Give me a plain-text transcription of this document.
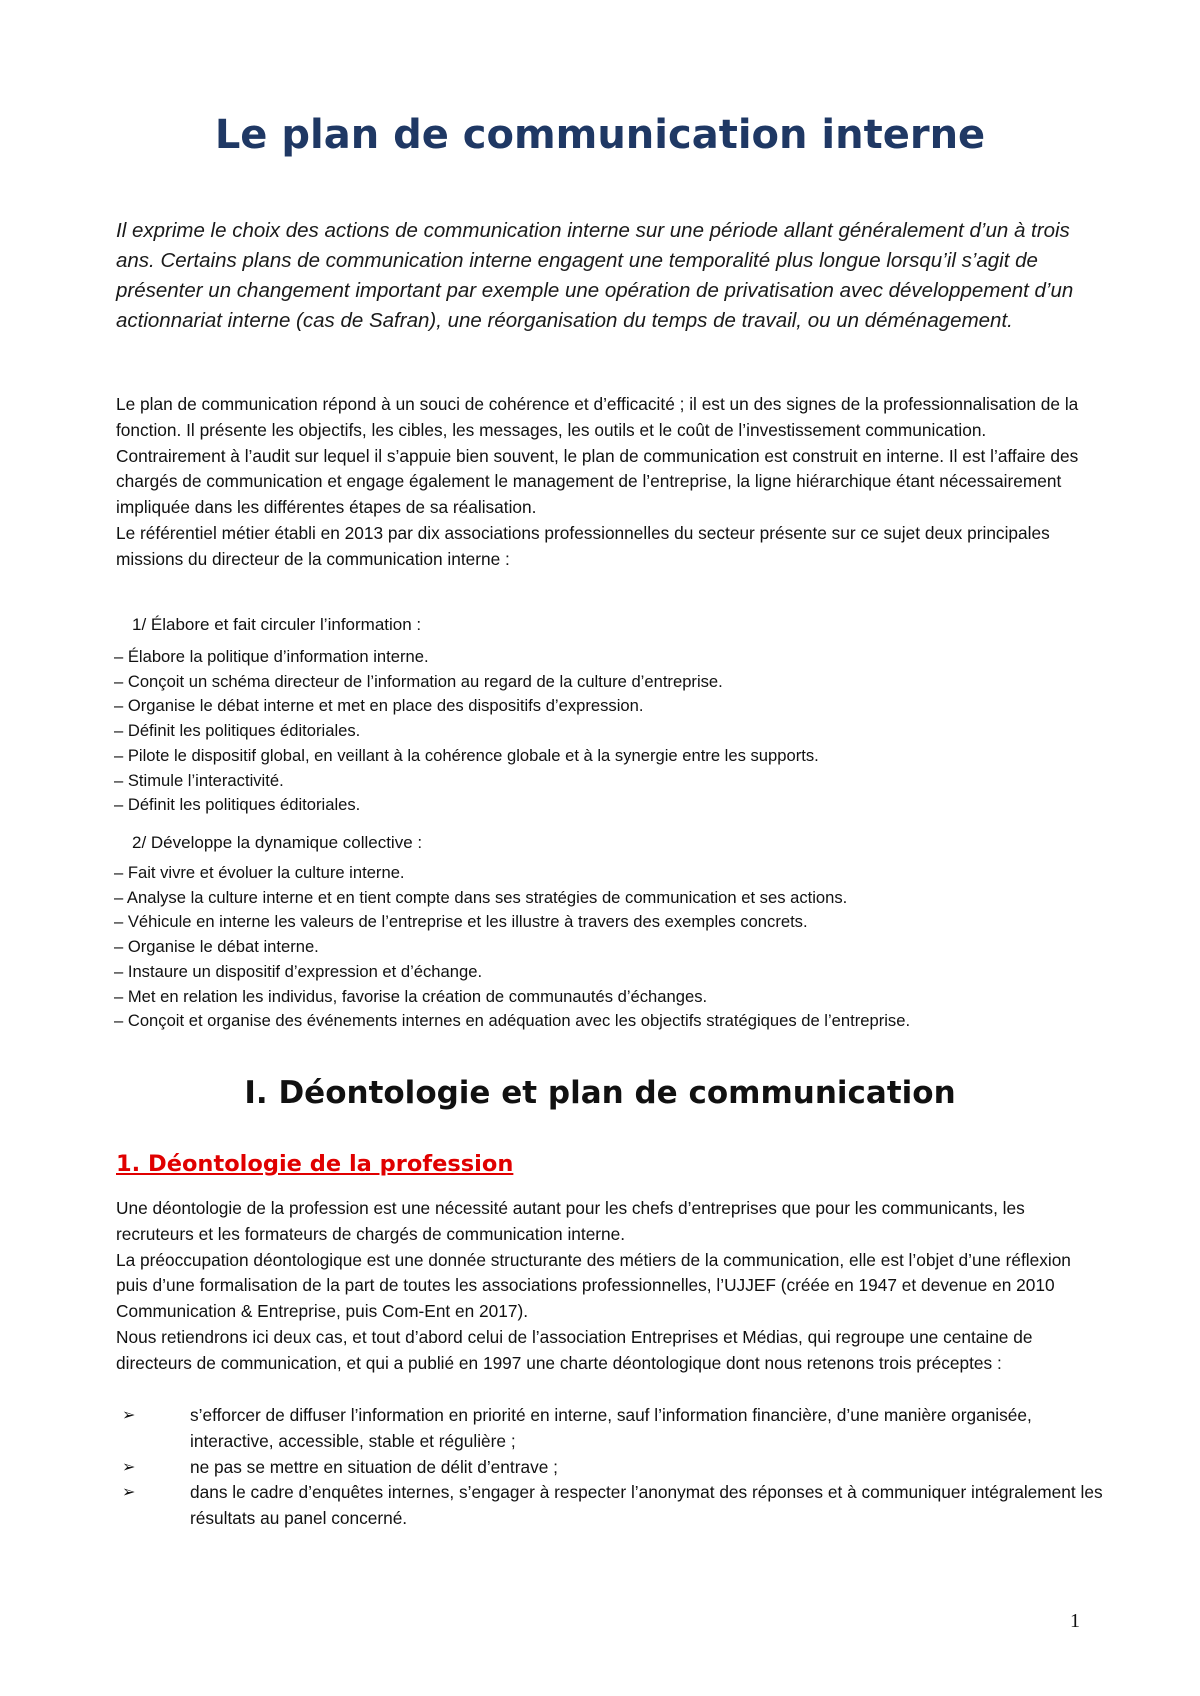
Le plan de communication interne

Il exprime le choix des actions de communication interne sur une période allant généralement d’un à trois ans. Certains plans de communication interne engagent une temporalité plus longue lorsqu’il s’agit de présenter un changement important par exemple une opération de privatisation avec développement d’un actionnariat interne (cas de Safran), une réorganisation du temps de travail, ou un déménagement.

Le plan de communication répond à un souci de cohérence et d’efficacité ; il est un des signes de la professionnalisation de la fonction. Il présente les objectifs, les cibles, les messages, les outils et le coût de l’investissement communication.

Contrairement à l’audit sur lequel il s’appuie bien souvent, le plan de communication est construit en interne. Il est l’affaire des chargés de communication et engage également le management de l’entreprise, la ligne hiérarchique étant nécessairement impliquée dans les différentes étapes de sa réalisation.

Le référentiel métier établi en 2013 par dix associations professionnelles du secteur présente sur ce sujet deux principales missions du directeur de la communication interne :

1/ Élabore et fait circuler l’information :

– Élabore la politique d’information interne.
– Conçoit un schéma directeur de l’information au regard de la culture d’entreprise.
– Organise le débat interne et met en place des dispositifs d’expression.
– Définit les politiques éditoriales.
– Pilote le dispositif global, en veillant à la cohérence globale et à la synergie entre les supports.
– Stimule l’interactivité.
– Définit les politiques éditoriales.

2/ Développe la dynamique collective :

– Fait vivre et évoluer la culture interne.
– Analyse la culture interne et en tient compte dans ses stratégies de communication et ses actions.
– Véhicule en interne les valeurs de l’entreprise et les illustre à travers des exemples concrets.
– Organise le débat interne.
– Instaure un dispositif d’expression et d’échange.
– Met en relation les individus, favorise la création de communautés d’échanges.
– Conçoit et organise des événements internes en adéquation avec les objectifs stratégiques de l’entreprise.
I. Déontologie et plan de communication
1. Déontologie de la profession

Une déontologie de la profession est une nécessité autant pour les chefs d’entreprises que pour les communicants, les recruteurs et les formateurs de chargés de communication interne.

La préoccupation déontologique est une donnée structurante des métiers de la communication, elle est l’objet d’une réflexion puis d’une formalisation de la part de toutes les associations professionnelles, l’UJJEF (créée en 1947 et devenue en 2010 Communication & Entreprise, puis Com-Ent en 2017).

Nous retiendrons ici deux cas, et tout d’abord celui de l’association Entreprises et Médias, qui regroupe une centaine de directeurs de communication, et qui a publié en 1997 une charte déontologique dont nous retenons trois préceptes :

➢	s’efforcer de diffuser l’information en priorité en interne, sauf l’information financière, d’une manière organisée, interactive, accessible, stable et régulière ;
➢	ne pas se mettre en situation de délit d’entrave ;
➢	dans le cadre d’enquêtes internes, s’engager à respecter l’anonymat des réponses et à communiquer intégralement les résultats au panel concerné.
1
